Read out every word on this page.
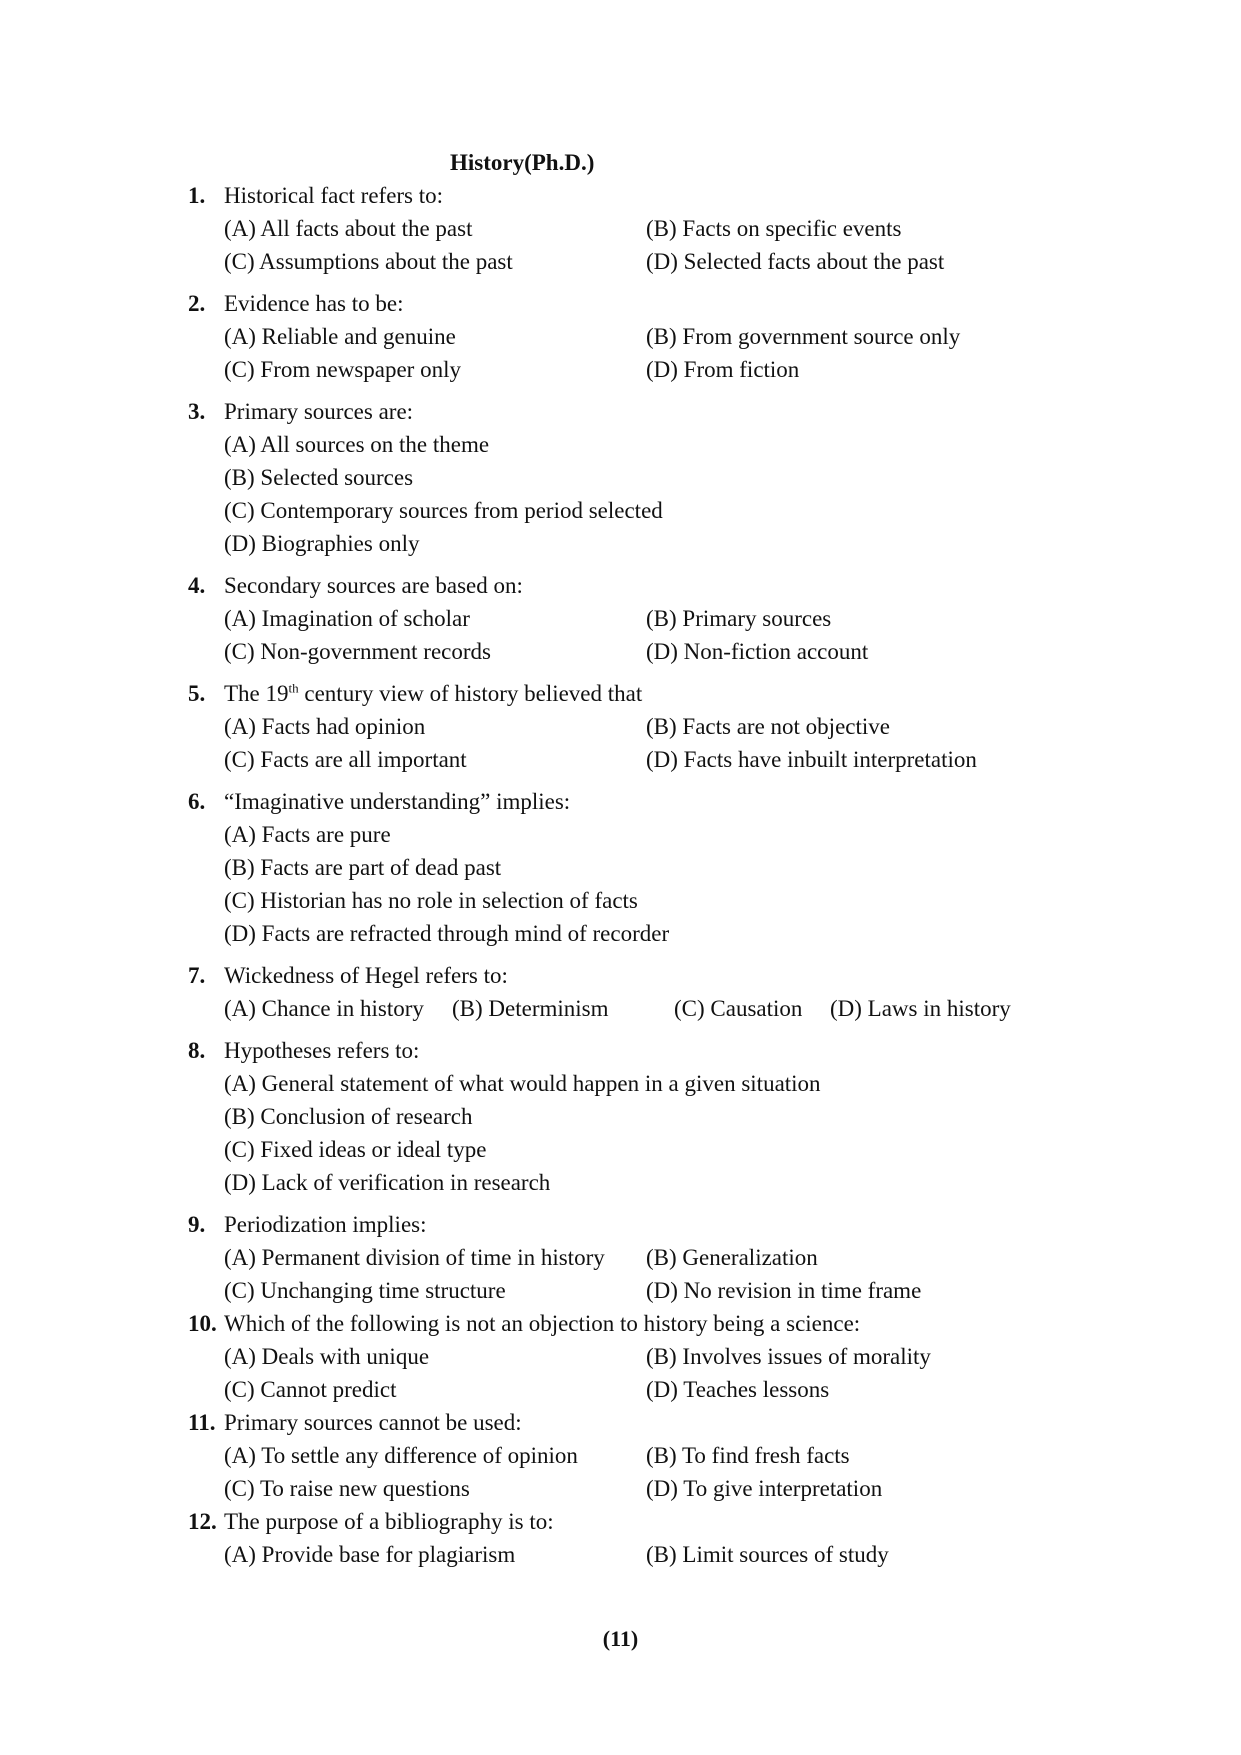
History(Ph.D.)
1. Historical fact refers to:
(A) All facts about the past	(B) Facts on specific events
(C) Assumptions about the past	(D) Selected facts about the past
2. Evidence has to be:
(A) Reliable and genuine	(B) From government source only
(C) From newspaper only	(D) From fiction
3. Primary sources are:
(A) All sources on the theme
(B) Selected sources
(C) Contemporary sources from period selected
(D) Biographies only
4. Secondary sources are based on:
(A) Imagination of scholar	(B) Primary sources
(C) Non-government records	(D) Non-fiction account
5. The 19th century view of history believed that
(A) Facts had opinion	(B) Facts are not objective
(C) Facts are all important	(D) Facts have inbuilt interpretation
6. “Imaginative understanding” implies:
(A) Facts are pure
(B) Facts are part of dead past
(C) Historian has no role in selection of facts
(D) Facts are refracted through mind of recorder
7. Wickedness of Hegel refers to:
(A) Chance in history	(B) Determinism	(C) Causation	(D) Laws in history
8. Hypotheses refers to:
(A) General statement of what would happen in a given situation
(B) Conclusion of research
(C) Fixed ideas or ideal type
(D) Lack of verification in research
9. Periodization implies:
(A) Permanent division of time in history	(B) Generalization
(C) Unchanging time structure	(D) No revision in time frame
10. Which of the following is not an objection to history being a science:
(A) Deals with unique	(B) Involves issues of morality
(C) Cannot predict	(D) Teaches lessons
11. Primary sources cannot be used:
(A) To settle any difference of opinion	(B) To find fresh facts
(C) To raise new questions	(D) To give interpretation
12. The purpose of a bibliography is to:
(A) Provide base for plagiarism	(B) Limit sources of study
(11)
